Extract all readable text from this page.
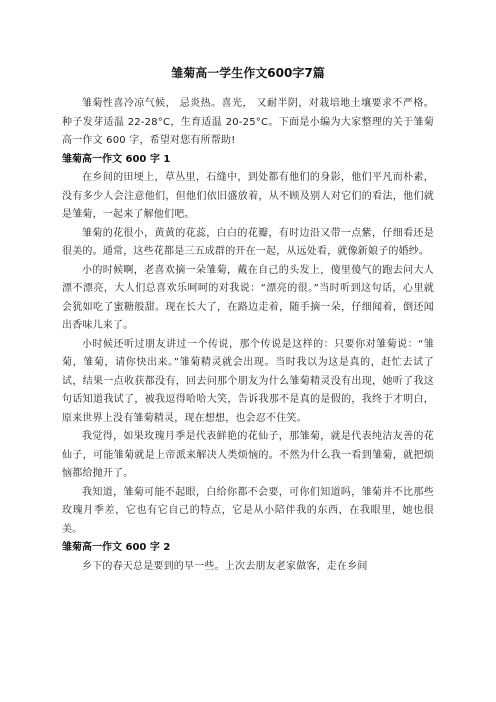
雏菊高一学生作文600字7篇

雏菊性喜冷凉气候， 忌炎热。喜光， 又耐半阴，对栽培地土壤要求不严格。种子发芽适温 22-28°C，生育适温 20-25°C。下面是小编为大家整理的关于雏菊高一作文 600 字，希望对您有所帮助!

雏菊高一作文 600 字 1

在乡间的田埂上，草丛里，石缝中，到处都有他们的身影，他们平凡而朴素，没有多少人会注意他们，但他们依旧盛放着，从不顾及别人对它们的看法，他们就是雏菊，一起来了解他们吧。

雏菊的花很小，黄黄的花蕊，白白的花瓣，有时边沿又带一点紫，仔细看还是很美的。通常，这些花都是三五成群的开在一起，从远处看，就像新娘子的婚纱。

小的时候啊，老喜欢摘一朵雏菊，戴在自己的头发上，傻里傻气的跑去问大人漂不漂亮，大人们总喜欢乐呵呵的对我说：“漂亮的很。”当时听到这句话，心里就会犹如吃了蜜糖般甜。现在长大了，在路边走着，随手摘一朵，仔细闻着，倒还闻出香味儿来了。

小时候还听过朋友讲过一个传说，那个传说是这样的：只要你对雏菊说：“雏菊，雏菊，请你快出来。”雏菊精灵就会出现。当时我以为这是真的，赶忙去试了试，结果一点收获都没有，回去问那个朋友为什么雏菊精灵没有出现，她听了我这句话知道我试了，被我逗得哈哈大笑，告诉我那不是真的是假的，我终于才明白，原来世界上没有雏菊精灵，现在想想，也会忍不住笑。

我觉得，如果玫瑰月季是代表鲜艳的花仙子，那雏菊，就是代表纯洁友善的花仙子，可能雏菊就是上帝派来解决人类烦恼的。不然为什么我一看到雏菊，就把烦恼都给抛开了。

我知道，雏菊可能不起眼，白给你都不会要，可你们知道吗，雏菊并不比那些玫瑰月季差，它也有它自己的特点，它是从小陪伴我的东西，在我眼里，她也很美。

雏菊高一作文 600 字 2

乡下的春天总是要到的早一些。上次去朋友老家做客，走在乡间
